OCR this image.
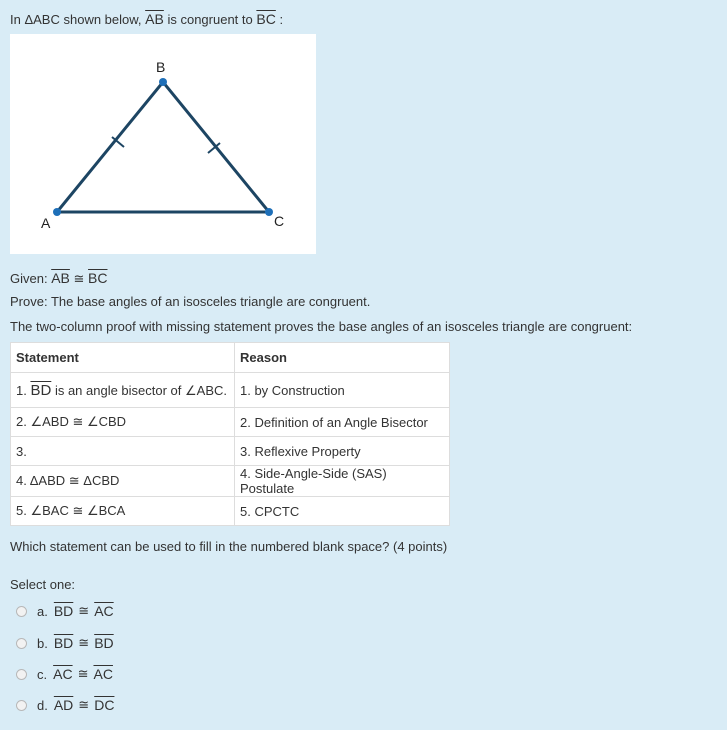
In ΔABC shown below, $\overline{AB}$ is congruent to $\overline{BC}$ :
A
B
C
Given: $\overline{AB}$ ≅ $\overline{BC}$
Prove: The base angles of an isosceles triangle are congruent.
The two-column proof with missing statement proves the base angles of an isosceles triangle are congruent:
Statement	Reason
1. $\overline{BD}$ is an angle bisector of ∠ABC.	1. by Construction
2. ∠ABD ≅ ∠CBD	2. Definition of an Angle Bisector
3.	3. Reflexive Property
4. ΔABD ≅ ΔCBD	4. Side-Angle-Side (SAS) Postulate
5. ∠BAC ≅ ∠BCA	5. CPCTC
Which statement can be used to fill in the numbered blank space? (4 points)
Select one:
a. $\overline{BD}$ ≅ $\overline{AC}$
b. $\overline{BD}$ ≅ $\overline{BD}$
c. $\overline{AC}$ ≅ $\overline{AC}$
d. $\overline{AD}$ ≅ $\overline{DC}$
